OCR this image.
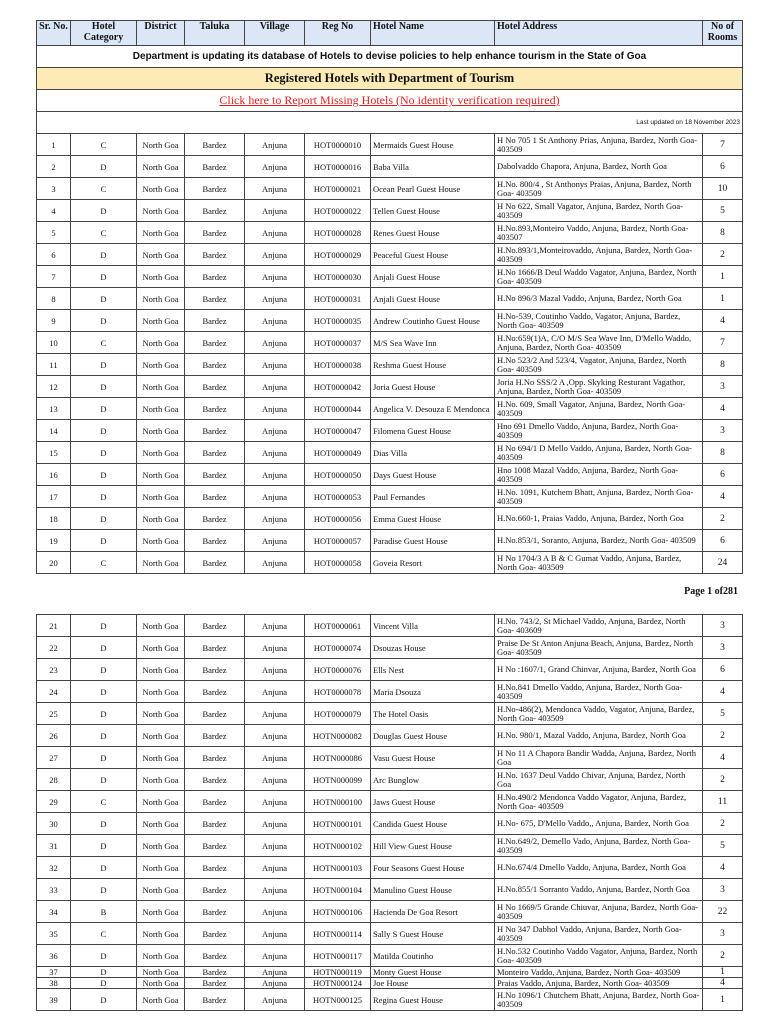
Department is updating its database of Hotels to devise policies to help enhance tourism in the State of Goa								
Registered Hotels with Department of Tourism								
Click here to Report Missing Hotels (No identity verification required)								
Last updated on 18 November 2023								
Sr. No.	Hotel Category	District	Taluka	Village	Reg No	Hotel Name	Hotel Address	No of Rooms
1	C	North Goa	Bardez	Anjuna	HOT0000010	Mermaids Guest House	H No 705 1 St Anthony Prias, Anjuna, Bardez, North Goa- 403509	7
2	D	North Goa	Bardez	Anjuna	HOT0000016	Baba Villa	Dabolvaddo Chapora, Anjuna, Bardez, North Goa	6
3	C	North Goa	Bardez	Anjuna	HOT0000021	Ocean Pearl Guest House	H.No. 800/4 , St Anthonys Praias, Anjuna, Bardez, North Goa- 403509	10
4	D	North Goa	Bardez	Anjuna	HOT0000022	Tellen Guest House	H No 622, Small Vagator, Anjuna, Bardez, North Goa- 403509	5
5	C	North Goa	Bardez	Anjuna	HOT0000028	Renes Guest House	H.No.893,Monteiro Vaddo, Anjuna, Bardez, North Goa- 403507	8
6	D	North Goa	Bardez	Anjuna	HOT0000029	Peaceful Guest House	H.No.893/1,Monteirovaddo, Anjuna, Bardez, North Goa- 403509	2
7	D	North Goa	Bardez	Anjuna	HOT0000030	Anjali Guest House	H.No 1666/B Deul Waddo Vagator, Anjuna, Bardez, North Goa- 403509	1
8	D	North Goa	Bardez	Anjuna	HOT0000031	Anjali Guest House	H.No 896/3 Mazal Vaddo, Anjuna, Bardez, North Goa	1
9	D	North Goa	Bardez	Anjuna	HOT0000035	Andrew Coutinho Guest House	H.No-539, Coutinho Vaddo, Vagator, Anjuna, Bardez, North Goa- 403509	4
10	C	North Goa	Bardez	Anjuna	HOT0000037	M/S Sea Wave Inn	H.No:659(1)A, C/O M/S Sea Wave Inn, D'Mello Waddo, Anjuna, Bardez, North Goa- 403509	7
11	D	North Goa	Bardez	Anjuna	HOT0000038	Reshma Guest House	H.No 523/2 And 523/4, Vagator, Anjuna, Bardez, North Goa- 403509	8
12	D	North Goa	Bardez	Anjuna	HOT0000042	Joria Guest House	Joria H.No SSS/2 A ,Opp. Skyking Resturant Vagathor, Anjuna, Bardez, North Goa- 403509	3
13	D	North Goa	Bardez	Anjuna	HOT0000044	Angelica V. Desouza E Mendonca	H.No. 609, Small Vagator, Anjuna, Bardez, North Goa- 403509	4
14	D	North Goa	Bardez	Anjuna	HOT0000047	Filomena Guest House	Hno 691 Dmello Vaddo, Anjuna, Bardez, North Goa- 403509	3
15	D	North Goa	Bardez	Anjuna	HOT0000049	Dias Villa	H No 694/1 D Mello Vaddo, Anjuna, Bardez, North Goa- 403509	8
16	D	North Goa	Bardez	Anjuna	HOT0000050	Days Guest House	Hno 1008 Mazal Vaddo, Anjuna, Bardez, North Goa- 403509	6
17	D	North Goa	Bardez	Anjuna	HOT0000053	Paul Fernandes	H.No. 1091, Kutchem Bhatt, Anjuna, Bardez, North Goa- 403509	4
18	D	North Goa	Bardez	Anjuna	HOT0000056	Emma Guest House	H.No.660-1, Praias Vaddo, Anjuna, Bardez, North Goa	2
19	D	North Goa	Bardez	Anjuna	HOT0000057	Paradise Guest House	H.No.853/1, Soranto, Anjuna, Bardez, North Goa- 403509	6
20	C	North Goa	Bardez	Anjuna	HOT0000058	Goveia Resort	H No 1704/3 A B & C Gumat Vaddo, Anjuna, Bardez, North Goa- 403509	24
Page 1 of281
21	D	North Goa	Bardez	Anjuna	HOT0000061	Vincent Villa	H.No. 743/2, St Michael Vaddo, Anjuna, Bardez, North Goa- 403609	3
22	D	North Goa	Bardez	Anjuna	HOT0000074	Dsouzas House	Praise De St Anton Anjuna Beach, Anjuna, Bardez, North Goa- 403509	3
23	D	North Goa	Bardez	Anjuna	HOT0000076	Ells Nest	H No :1607/1, Grand Chinvar, Anjuna, Bardez, North Goa	6
24	D	North Goa	Bardez	Anjuna	HOT0000078	Maria Dsouza	H.No.841 Dmello Vaddo, Anjuna, Bardez, North Goa- 403509	4
25	D	North Goa	Bardez	Anjuna	HOT0000079	The Hotel Oasis	H.No-486(2), Mendonca Vaddo, Vagator, Anjuna, Bardez, North Goa- 403509	5
26	D	North Goa	Bardez	Anjuna	HOTN000082	Douglas Guest House	H.No. 980/1, Mazal Vaddo, Anjuna, Bardez, North Goa	2
27	D	North Goa	Bardez	Anjuna	HOTN000086	Vasu Guest House	H No 11 A Chapora Bandir Wadda, Anjuna, Bardez, North Goa	4
28	D	North Goa	Bardez	Anjuna	HOTN000099	Arc Bunglow	H.No. 1637 Deul Vaddo Chivar, Anjuna, Bardez, North Goa	2
29	C	North Goa	Bardez	Anjuna	HOTN000100	Jaws Guest House	H.No.490/2 Mendonca Vaddo Vagator, Anjuna, Bardez, North Goa- 403509	11
30	D	North Goa	Bardez	Anjuna	HOTN000101	Candida Guest House	H.No- 675, D'Mello Vaddo,, Anjuna, Bardez, North Goa	2
31	D	North Goa	Bardez	Anjuna	HOTN000102	Hill View Guest House	H.No.649/2, Demello Vado, Anjuna, Bardez, North Goa- 403509	5
32	D	North Goa	Bardez	Anjuna	HOTN000103	Four Seasons Guest House	H.No.674/4 Dmello Vaddo, Anjuna, Bardez, North Goa	4
33	D	North Goa	Bardez	Anjuna	HOTN000104	Manulino Guest House	H.No.855/1 Sorranto Vaddo, Anjuna, Bardez, North Goa	3
34	B	North Goa	Bardez	Anjuna	HOTN000106	Hacienda De Goa Resort	H No 1669/5 Grande Chiuvar, Anjuna, Bardez, North Goa- 403509	22
35	C	North Goa	Bardez	Anjuna	HOTN000114	Sally S Guest House	H No 347 Dabhol Vaddo, Anjuna, Bardez, North Goa- 403509	3
36	D	North Goa	Bardez	Anjuna	HOTN000117	Matilda Coutinho	H.No.532 Coutinho Vaddo Vagator, Anjuna, Bardez, North Goa- 403509	2
37	D	North Goa	Bardez	Anjuna	HOTN000119	Monty Guest House	Monteiro Vaddo, Anjuna, Bardez, North Goa- 403509	1
38	D	North Goa	Bardez	Anjuna	HOTN000124	Joe House	Praias Vaddo, Anjuna, Bardez, North Goa- 403509	4
39	D	North Goa	Bardez	Anjuna	HOTN000125	Regina Guest House	H.No 1096/1 Chutchem Bhatt, Anjuna, Bardez, North Goa- 403509	1
